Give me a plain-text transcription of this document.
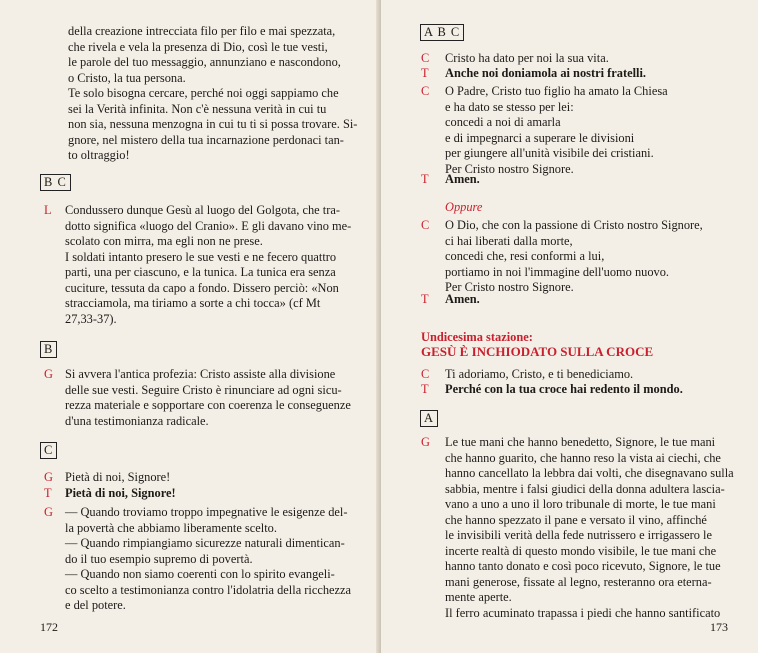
della creazione intrecciata filo per filo e mai spezzata,

che rivela e vela la presenza di Dio, così le tue vesti,

le parole del tuo messaggio, annunziano e nascondono,

o Cristo, la tua persona.

Te solo bisogna cercare, perché noi oggi sappiamo che

sei la Verità infinita. Non c'è nessuna verità in cui tu

non sia, nessuna menzogna in cui tu ti si possa trovare. Si-

gnore, nel mistero della tua incarnazione perdonaci tan-

to oltraggio!

B C
L	Condussero dunque Gesù al luogo del Golgota, che tra-

dotto significa «luogo del Cranio». E gli davano vino me-

scolato con mirra, ma egli non ne prese.

I soldati intanto presero le sue vesti e ne fecero quattro

parti, una per ciascuno, e la tunica. La tunica era senza

cuciture, tessuta da capo a fondo. Dissero perciò: «Non

stracciamola, ma tiriamo a sorte a chi tocca» (cf Mt

27,33-37).

B
G Si avvera l'antica profezia: Cristo assiste alla divisione

delle sue vesti. Seguire Cristo è rinunciare ad ogni sicu-

rezza materiale e sopportare con coerenza le conseguenze

d'una testimonianza radicale.

C
G Pietà di noi, Signore!
T	Pietà di noi, Signore!
G — Quando troviamo troppo impegnative le esigenze del-

la povertà che abbiamo liberamente scelto.

— Quando rimpiangiamo sicurezze naturali dimentican-

do il tuo esempio supremo di povertà.

— Quando non siamo coerenti con lo spirito evangeli-

co scelto a testimonianza contro l'idolatria della ricchezza

e del potere.

172
A B C
C	Cristo ha dato per noi la sua vita.
T	Anche noi doniamola ai nostri fratelli.
C	O Padre, Cristo tuo figlio ha amato la Chiesa

e ha dato se stesso per lei:

concedi a noi di amarla

e di impegnarci a superare le divisioni

per giungere all'unità visibile dei cristiani.

Per Cristo nostro Signore.

T	Amen.
Oppure
C	O Dio, che con la passione di Cristo nostro Signore,

ci hai liberati dalla morte,

concedi che, resi conformi a lui,

portiamo in noi l'immagine dell'uomo nuovo.

Per Cristo nostro Signore.

T	Amen.
Undicesima stazione:
GESÙ È INCHIODATO SULLA CROCE
C	Ti adoriamo, Cristo, e ti benediciamo.
T	Perché con la tua croce hai redento il mondo.
A
G Le tue mani che hanno benedetto, Signore, le tue mani

che hanno guarito, che hanno reso la vista ai ciechi, che

hanno cancellato la lebbra dai volti, che disegnavano sulla

sabbia, mentre i falsi giudici della donna adultera lascia-

vano a uno a uno il loro tribunale di morte, le tue mani

che hanno spezzato il pane e versato il vino, affinché

le invisibili verità della fede nutrissero e irrigassero le

incerte realtà di questo mondo visibile, le tue mani che

hanno tanto donato e così poco ricevuto, Signore, le tue

mani generose, fissate al legno, resteranno ora eterna-

mente aperte.

Il ferro acuminato trapassa i piedi che hanno santificato

173
